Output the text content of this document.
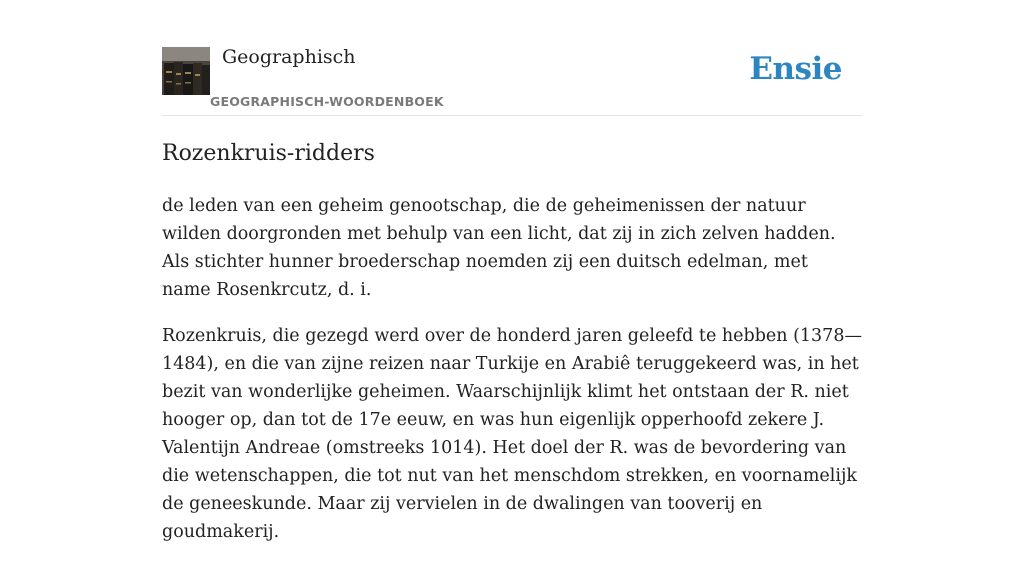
Geographisch
GEOGRAPHISCH-WOORDENBOEK
Ensie
Rozenkruis-ridders

de leden van een geheim genootschap, die de geheimenissen der natuur wilden doorgronden met behulp van een licht, dat zij in zich zelven hadden. Als stichter hunner broederschap noemden zij een duitsch edelman, met name Rosenkrcutz, d. i.

Rozenkruis, die gezegd werd over de honderd jaren geleefd te hebben (1378—1484), en die van zijne reizen naar Turkije en Arabiê teruggekeerd was, in het bezit van wonderlijke geheimen. Waarschijnlijk klimt het ontstaan der R. niet hooger op, dan tot de 17e eeuw, en was hun eigenlijk opperhoofd zekere J. Valentijn Andreae (omstreeks 1014). Het doel der R. was de bevordering van die wetenschappen, die tot nut van het menschdom strekken, en voornamelijk de geneeskunde. Maar zij vervielen in de dwalingen van tooverij en goudmakerij.
